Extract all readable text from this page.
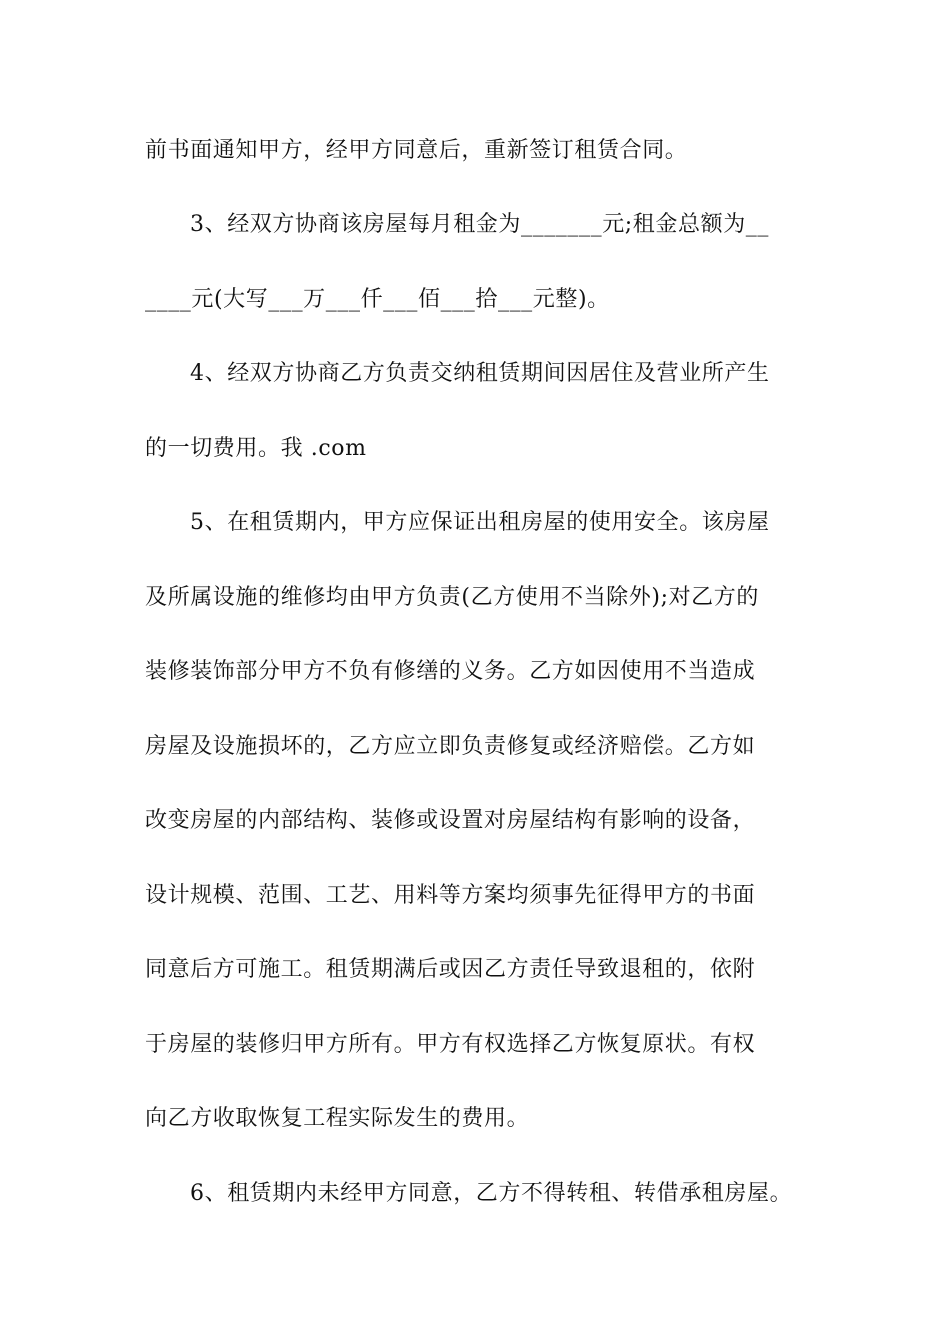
前书面通知甲方，经甲方同意后，重新签订租赁合同。
3、经双方协商该房屋每月租金为_______元;租金总额为__
____元(大写___万___仟___佰___拾___元整)。
4、经双方协商乙方负责交纳租赁期间因居住及营业所产生
的一切费用。我 .com
5、在租赁期内，甲方应保证出租房屋的使用安全。该房屋
及所属设施的维修均由甲方负责(乙方使用不当除外);对乙方的
装修装饰部分甲方不负有修缮的义务。乙方如因使用不当造成
房屋及设施损坏的，乙方应立即负责修复或经济赔偿。乙方如
改变房屋的内部结构、装修或设置对房屋结构有影响的设备，
设计规模、范围、工艺、用料等方案均须事先征得甲方的书面
同意后方可施工。租赁期满后或因乙方责任导致退租的，依附
于房屋的装修归甲方所有。甲方有权选择乙方恢复原状。有权
向乙方收取恢复工程实际发生的费用。
6、租赁期内未经甲方同意，乙方不得转租、转借承租房屋。
